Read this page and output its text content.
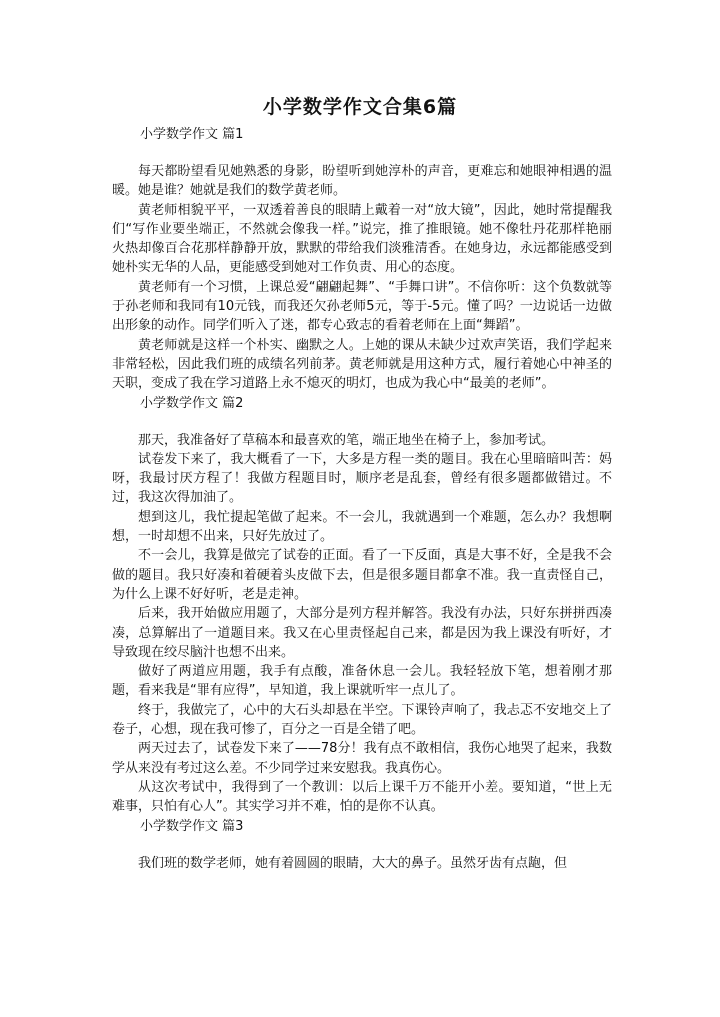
小学数学作文合集6篇

小学数学作文 篇1

每天都盼望看见她熟悉的身影，盼望听到她淳朴的声音，更难忘和她眼神相遇的温暖。她是谁？她就是我们的数学黄老师。

黄老师相貌平平，一双透着善良的眼睛上戴着一对“放大镜”，因此，她时常提醒我们“写作业要坐端正，不然就会像我一样。”说完，推了推眼镜。她不像牡丹花那样艳丽火热却像百合花那样静静开放，默默的带给我们淡雅清香。在她身边，永远都能感受到她朴实无华的人品，更能感受到她对工作负责、用心的态度。

黄老师有一个习惯，上课总爱“翩翩起舞”、“手舞口讲”。不信你听：这个负数就等于孙老师和我同有10元钱，而我还欠孙老师5元，等于-5元。懂了吗？一边说话一边做出形象的动作。同学们听入了迷，都专心致志的看着老师在上面“舞蹈”。

黄老师就是这样一个朴实、幽默之人。上她的课从未缺少过欢声笑语，我们学起来非常轻松，因此我们班的成绩名列前茅。黄老师就是用这种方式，履行着她心中神圣的天职，变成了我在学习道路上永不熄灭的明灯，也成为我心中“最美的老师”。

小学数学作文 篇2

那天，我准备好了草稿本和最喜欢的笔，端正地坐在椅子上，参加考试。

试卷发下来了，我大概看了一下，大多是方程一类的题目。我在心里暗暗叫苦：妈呀，我最讨厌方程了！我做方程题目时，顺序老是乱套，曾经有很多题都做错过。不过，我这次得加油了。

想到这儿，我忙提起笔做了起来。不一会儿，我就遇到一个难题，怎么办？我想啊想，一时却想不出来，只好先放过了。

不一会儿，我算是做完了试卷的正面。看了一下反面，真是大事不好，全是我不会做的题目。我只好凑和着硬着头皮做下去，但是很多题目都拿不准。我一直责怪自己，为什么上课不好好听，老是走神。

后来，我开始做应用题了，大部分是列方程并解答。我没有办法，只好东拼拼西凑凑，总算解出了一道题目来。我又在心里责怪起自己来，都是因为我上课没有听好，才导致现在绞尽脑汁也想不出来。

做好了两道应用题，我手有点酸，准备休息一会儿。我轻轻放下笔，想着刚才那题，看来我是“罪有应得”，早知道，我上课就听牢一点儿了。

终于，我做完了，心中的大石头却悬在半空。下课铃声响了，我忐忑不安地交上了卷子，心想，现在我可惨了，百分之一百是全错了吧。

两天过去了，试卷发下来了——78分！我有点不敢相信，我伤心地哭了起来，我数学从来没有考过这么差。不少同学过来安慰我。我真伤心。

从这次考试中，我得到了一个教训：以后上课千万不能开小差。要知道，“世上无难事，只怕有心人”。其实学习并不难，怕的是你不认真。

小学数学作文 篇3

我们班的数学老师，她有着圆圆的眼睛，大大的鼻子。虽然牙齿有点龅，但
